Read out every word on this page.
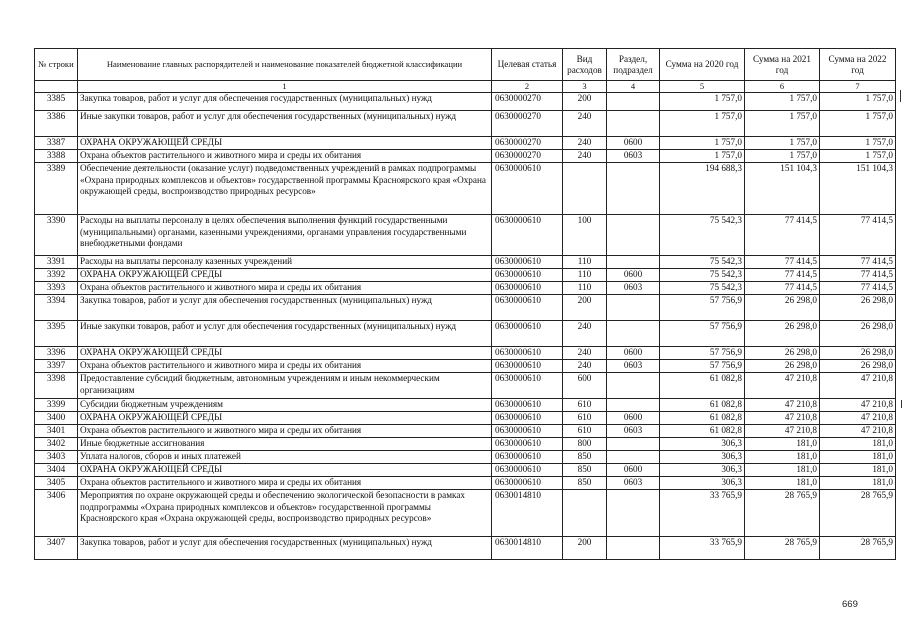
№ строки	Наименование главных распорядителей и наименование показателей бюджетной классификации	Целевая статья	Вид расходов	Раздел, подраздел	Сумма на 2020 год	Сумма на 2021 год	Сумма на 2022 год
	1	2	3	4	5	6	7
3385	Закупка товаров, работ и услуг для обеспечения государственных (муниципальных) нужд	0630000270	200		1 757,0	1 757,0	1 757,0
3386	Иные закупки товаров, работ и услуг для обеспечения государственных (муниципальных) нужд	0630000270	240		1 757,0	1 757,0	1 757,0
3387	ОХРАНА ОКРУЖАЮЩЕЙ СРЕДЫ	0630000270	240	0600	1 757,0	1 757,0	1 757,0
3388	Охрана объектов растительного и животного мира и среды их обитания	0630000270	240	0603	1 757,0	1 757,0	1 757,0
3389	Обеспечение деятельности (оказание услуг) подведомственных учреждений в рамках подпрограммы «Охрана природных комплексов и объектов» государственной программы Красноярского края «Охрана окружающей среды, воспроизводство природных ресурсов»	0630000610			194 688,3	151 104,3	151 104,3
3390	Расходы на выплаты персоналу в целях обеспечения выполнения функций государственными (муниципальными) органами, казенными учреждениями, органами управления государственными внебюджетными фондами	0630000610	100		75 542,3	77 414,5	77 414,5
3391	Расходы на выплаты персоналу казенных учреждений	0630000610	110		75 542,3	77 414,5	77 414,5
3392	ОХРАНА ОКРУЖАЮЩЕЙ СРЕДЫ	0630000610	110	0600	75 542,3	77 414,5	77 414,5
3393	Охрана объектов растительного и животного мира и среды их обитания	0630000610	110	0603	75 542,3	77 414,5	77 414,5
3394	Закупка товаров, работ и услуг для обеспечения государственных (муниципальных) нужд	0630000610	200		57 756,9	26 298,0	26 298,0
3395	Иные закупки товаров, работ и услуг для обеспечения государственных (муниципальных) нужд	0630000610	240		57 756,9	26 298,0	26 298,0
3396	ОХРАНА ОКРУЖАЮЩЕЙ СРЕДЫ	0630000610	240	0600	57 756,9	26 298,0	26 298,0
3397	Охрана объектов растительного и животного мира и среды их обитания	0630000610	240	0603	57 756,9	26 298,0	26 298,0
3398	Предоставление субсидий бюджетным, автономным учреждениям и иным некоммерческим организациям	0630000610	600		61 082,8	47 210,8	47 210,8
3399	Субсидии бюджетным учреждениям	0630000610	610		61 082,8	47 210,8	47 210,8
3400	ОХРАНА ОКРУЖАЮЩЕЙ СРЕДЫ	0630000610	610	0600	61 082,8	47 210,8	47 210,8
3401	Охрана объектов растительного и животного мира и среды их обитания	0630000610	610	0603	61 082,8	47 210,8	47 210,8
3402	Иные бюджетные ассигнования	0630000610	800		306,3	181,0	181,0
3403	Уплата налогов, сборов и иных платежей	0630000610	850		306,3	181,0	181,0
3404	ОХРАНА ОКРУЖАЮЩЕЙ СРЕДЫ	0630000610	850	0600	306,3	181,0	181,0
3405	Охрана объектов растительного и животного мира и среды их обитания	0630000610	850	0603	306,3	181,0	181,0
3406	Мероприятия по охране окружающей среды и обеспечению экологической безопасности в рамках подпрограммы «Охрана природных комплексов и объектов» государственной программы Красноярского края «Охрана окружающей среды, воспроизводство природных ресурсов»	0630014810			33 765,9	28 765,9	28 765,9
3407	Закупка товаров, работ и услуг для обеспечения государственных (муниципальных) нужд	0630014810	200		33 765,9	28 765,9	28 765,9
669
